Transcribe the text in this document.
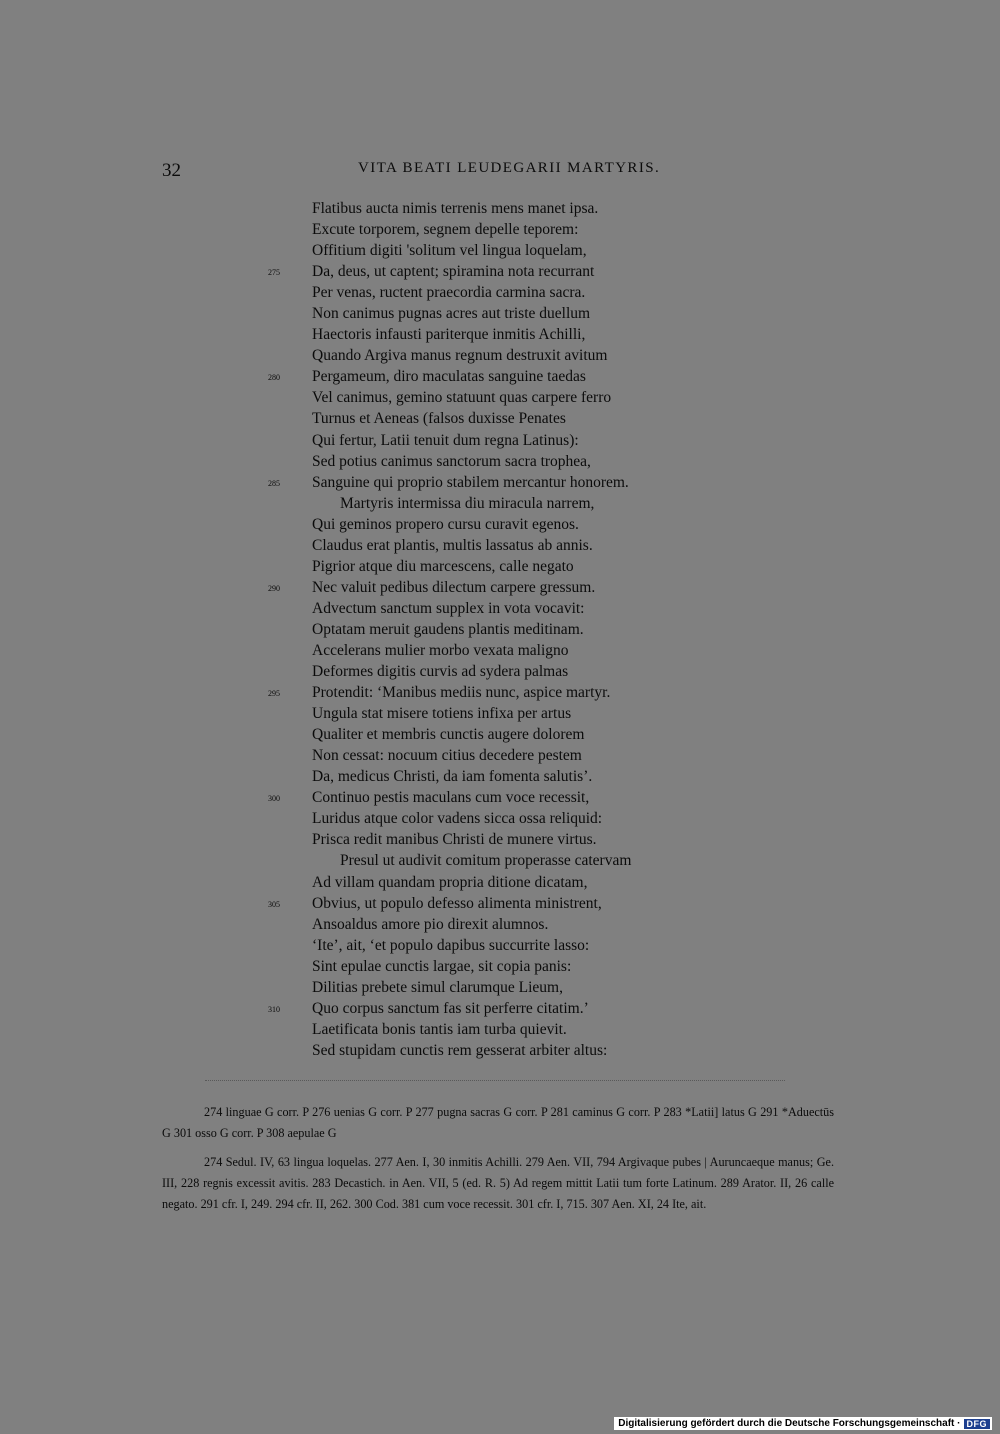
32	VITA BEATI LEUDEGARII MARTYRIS.
Flatibus aucta nimis terrenis mens manet ipsa.
Excute torporem, segnem depelle teporem:
Offitium digiti 'solitum vel lingua loquelam,
275 Da, deus, ut captent; spiramina nota recurrant
Per venas, ructent praecordia carmina sacra.
Non canimus pugnas acres aut triste duellum
Haectoris infausti pariterque inmitis Achilli,
Quando Argiva manus regnum destruxit avitum
280 Pergameum, diro maculatas sanguine taedas
Vel canimus, gemino statuunt quas carpere ferro
Turnus et Aeneas (falsos duxisse Penates
Qui fertur, Latii tenuit dum regna Latinus):
Sed potius canimus sanctorum sacra trophea,
285 Sanguine qui proprio stabilem mercantur honorem.
Martyris intermissa diu miracula narrem,
Qui geminos propero cursu curavit egenos.
Claudus erat plantis, multis lassatus ab annis.
Pigrior atque diu marcescens, calle negato
290 Nec valuit pedibus dilectum carpere gressum.
Advectum sanctum supplex in vota vocavit:
Optatam meruit gaudens plantis meditinam.
Accelerans mulier morbo vexata maligno
Deformes digitis curvis ad sydera palmas
295 Protendit: ‘Manibus mediis nunc, aspice martyr.
Ungula stat misere totiens infixa per artus
Qualiter et membris cunctis augere dolorem
Non cessat: nocuum citius decedere pestem
Da, medicus Christi, da iam fomenta salutis’.
300 Continuo pestis maculans cum voce recessit,
Luridus atque color vadens sicca ossa reliquid:
Prisca redit manibus Christi de munere virtus.
Presul ut audivit comitum properasse catervam
Ad villam quandam propria ditione dicatam,
305 Obvius, ut populo defesso alimenta ministrent,
Ansoaldus amore pio direxit alumnos.
‘Ite’, ait, ‘et populo dapibus succurrite lasso:
Sint epulae cunctis largae, sit copia panis:
Dilitias prebete simul clarumque Lieum,
310 Quo corpus sanctum fas sit perferre citatim.’
Laetificata bonis tantis iam turba quievit.
Sed stupidam cunctis rem gesserat arbiter altus:

274 linguae G corr. P 276 uenias G corr. P 277 pugna sacras G corr. P 281 caminus G corr. P 283 *Latii] latus G 291 *Aduectūs G 301 osso G corr. P 308 aepulae G

274 Sedul. IV, 63 lingua loquelas. 277 Aen. I, 30 inmitis Achilli. 279 Aen. VII, 794 Argivaque pubes | Auruncaeque manus; Ge. III, 228 regnis excessit avitis. 283 Decastich. in Aen. VII, 5 (ed. R. 5) Ad regem mittit Latii tum forte Latinum. 289 Arator. II, 26 calle negato. 291 cfr. I, 249. 294 cfr. II, 262. 300 Cod. 381 cum voce recessit. 301 cfr. I, 715. 307 Aen. XI, 24 Ite, ait.

Digitalisierung gefördert durch die Deutsche Forschungsgemeinschaft · DFG
